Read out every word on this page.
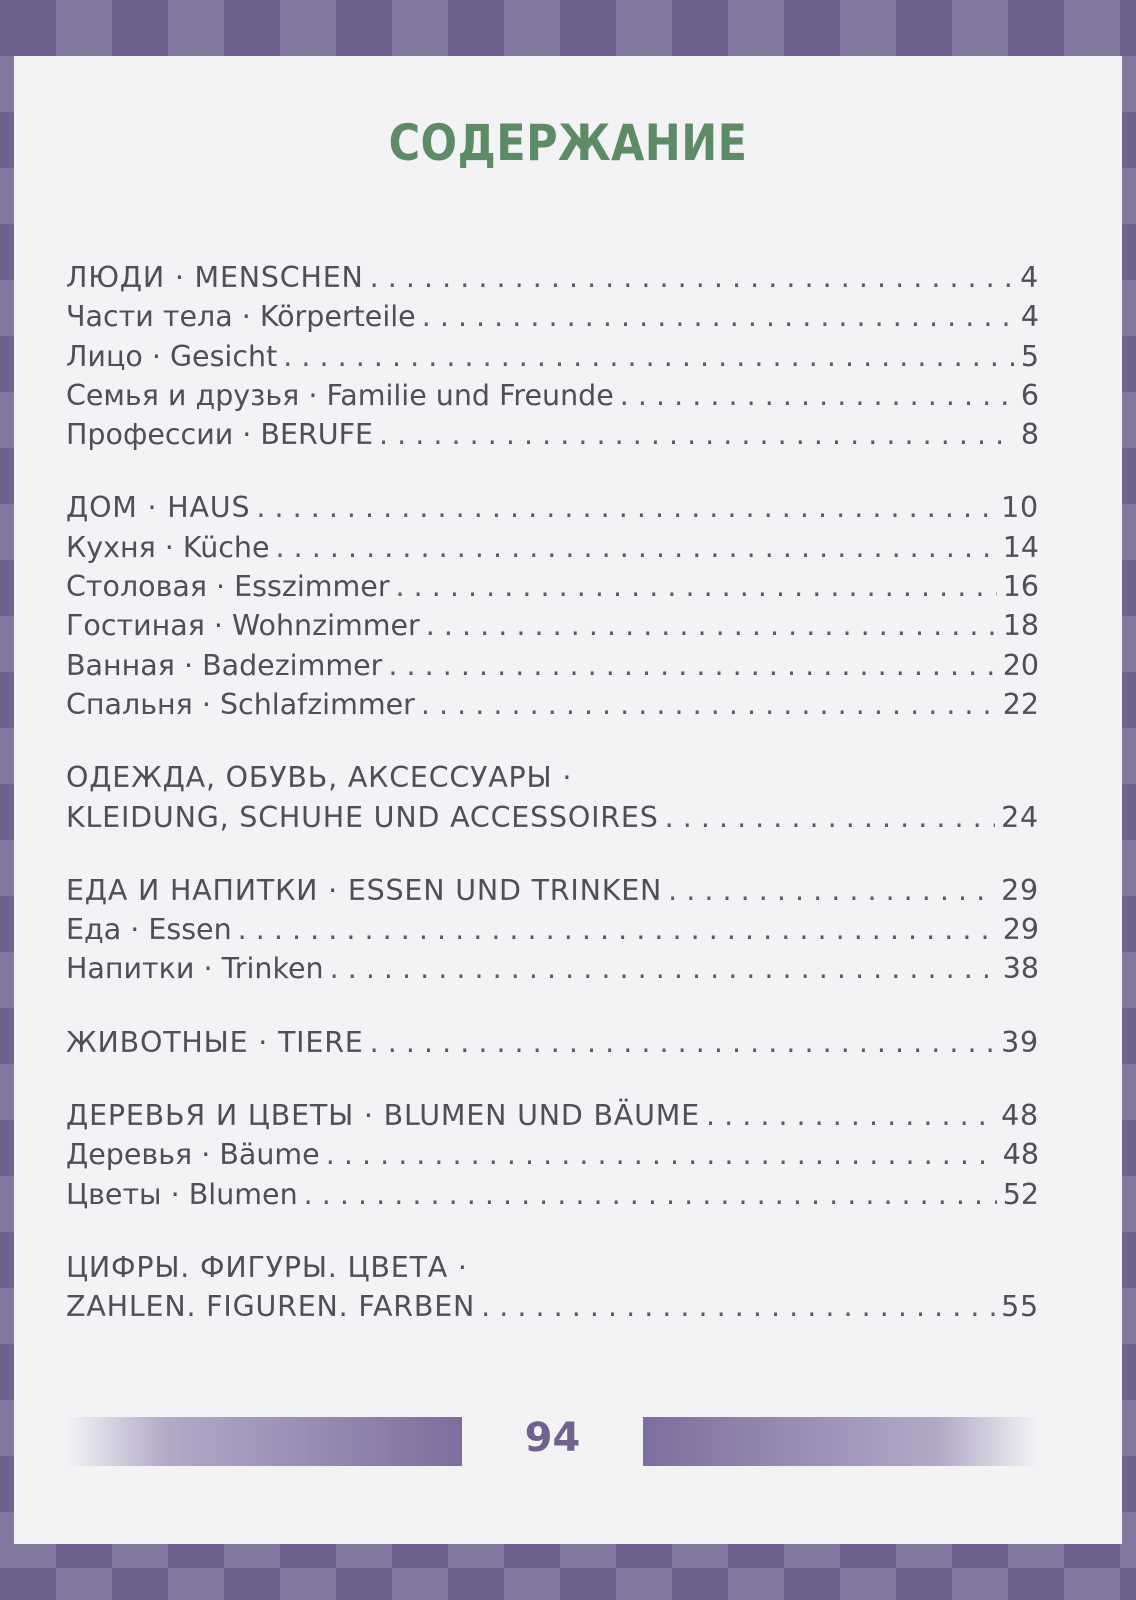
СОДЕРЖАНИЕ
ЛЮДИ · MENSCHEN . . .	4
Части тела · Körperteile . . .	4
Лицо · Gesicht . . .	5
Семья и друзья · Familie und Freunde . . .	6
Профессии · BERUFE . . .	8
ДОМ · HAUS . . .	10
Кухня · Küche . . .	14
Столовая · Esszimmer . . .	16
Гостиная · Wohnzimmer . . .	18
Ванная · Badezimmer . . .	20
Спальня · Schlafzimmer . . .	22
ОДЕЖДА, ОБУВЬ, АКСЕССУАРЫ ·
KLEIDUNG, SCHUHE UND ACCESSOIRES . . .	24
ЕДА И НАПИТКИ · ESSEN UND TRINKEN . . .	29
Еда · Essen . . .	29
Напитки · Trinken . . .	38
ЖИВОТНЫЕ · TIERE . . .	39
ДЕРЕВЬЯ И ЦВЕТЫ · BLUMEN UND BÄUME . . .	48
Деревья · Bäume . . .	48
Цветы · Blumen . . .	52
ЦИФРЫ. ФИГУРЫ. ЦВЕТА ·
ZAHLEN. FIGUREN. FARBEN . . .	55
94
